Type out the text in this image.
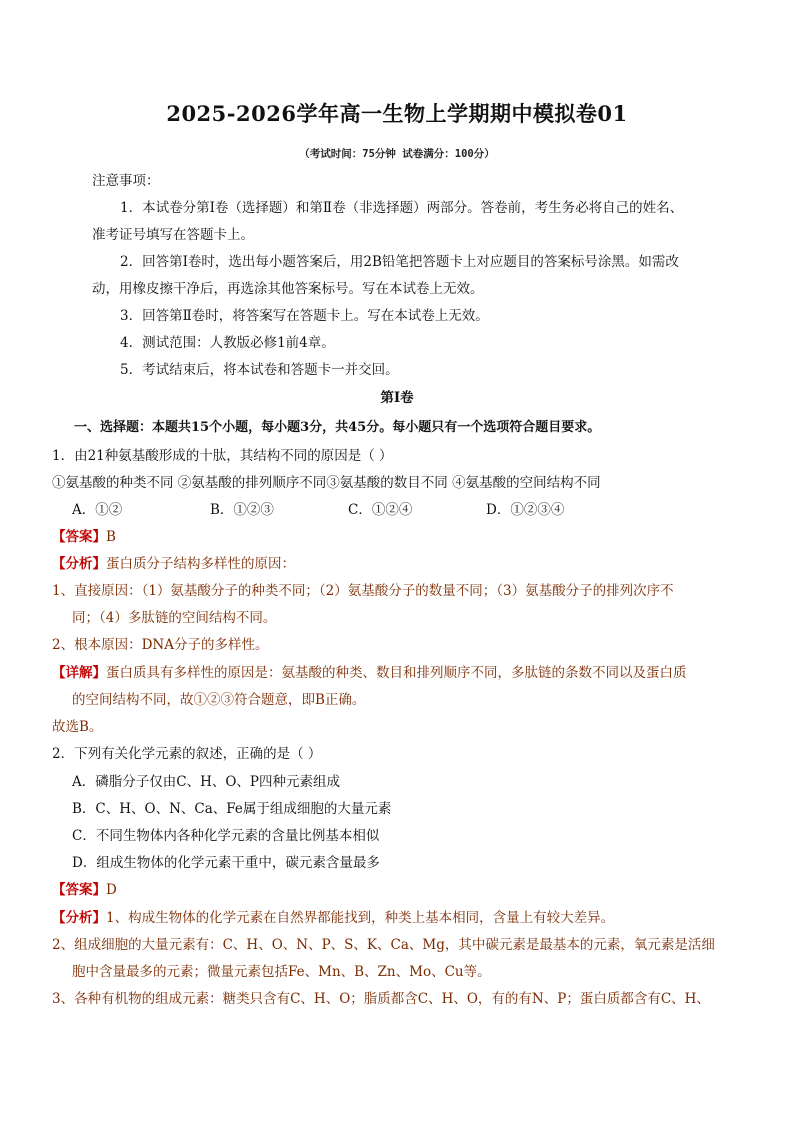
2025-2026学年高一生物上学期期中模拟卷01
（考试时间：75分钟 试卷满分：100分）
注意事项：
1．本试卷分第Ⅰ卷（选择题）和第Ⅱ卷（非选择题）两部分。答卷前，考生务必将自己的姓名、
准考证号填写在答题卡上。
2．回答第Ⅰ卷时，选出每小题答案后，用2B铅笔把答题卡上对应题目的答案标号涂黑。如需改
动，用橡皮擦干净后，再选涂其他答案标号。写在本试卷上无效。
3．回答第Ⅱ卷时，将答案写在答题卡上。写在本试卷上无效。
4．测试范围：人教版必修1前4章。
5．考试结束后，将本试卷和答题卡一并交回。
第Ⅰ卷
一、选择题：本题共15个小题，每小题3分，共45分。每小题只有一个选项符合题目要求。
1．由21种氨基酸形成的十肽，其结构不同的原因是（ ）
①氨基酸的种类不同 ②氨基酸的排列顺序不同③氨基酸的数目不同 ④氨基酸的空间结构不同
A．①②	B．①②③	C．①②④	D．①②③④
【答案】B
【分析】蛋白质分子结构多样性的原因：
1、直接原因：（1）氨基酸分子的种类不同；（2）氨基酸分子的数量不同；（3）氨基酸分子的排列次序不
同；（4）多肽链的空间结构不同。
2、根本原因：DNA分子的多样性。
【详解】蛋白质具有多样性的原因是：氨基酸的种类、数目和排列顺序不同，多肽链的条数不同以及蛋白质
的空间结构不同，故①②③符合题意，即B正确。
故选B。
2．下列有关化学元素的叙述，正确的是（ ）
A．磷脂分子仅由C、H、O、P四种元素组成
B．C、H、O、N、Ca、Fe属于组成细胞的大量元素
C．不同生物体内各种化学元素的含量比例基本相似
D．组成生物体的化学元素干重中，碳元素含量最多
【答案】D
【分析】1、构成生物体的化学元素在自然界都能找到，种类上基本相同，含量上有较大差异。
2、组成细胞的大量元素有：C、H、O、N、P、S、K、Ca、Mg，其中碳元素是最基本的元素，氧元素是活细
胞中含量最多的元素；微量元素包括Fe、Mn、B、Zn、Mo、Cu等。
3、各种有机物的组成元素：糖类只含有C、H、O；脂质都含C、H、O，有的有N、P；蛋白质都含有C、H、
